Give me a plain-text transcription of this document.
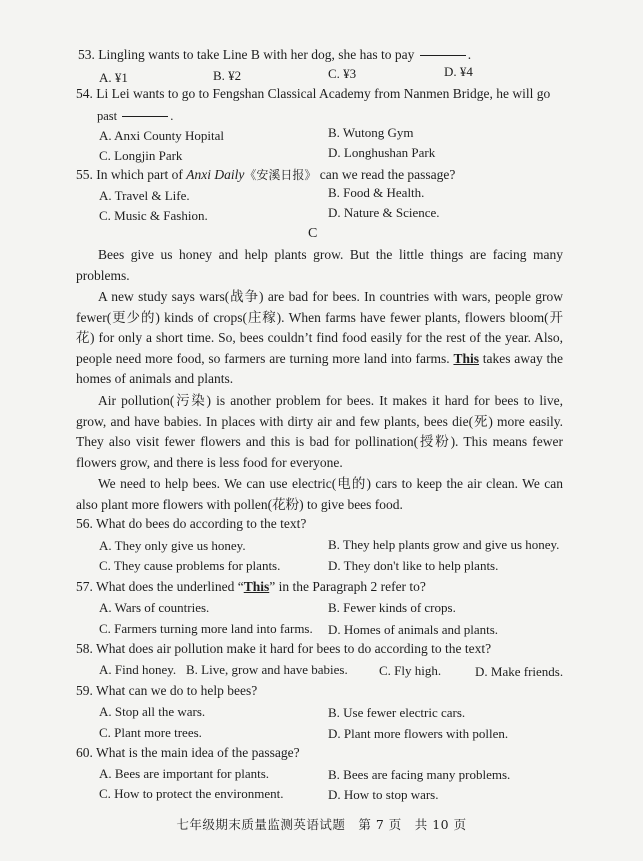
53. Lingling wants to take Line B with her dog, she has to pay	.
A. ¥1	B. ¥2	C. ¥3	D. ¥4
54. Li Lei wants to go to Fengshan Classical Academy from Nanmen Bridge, he will go
past	.
A. Anxi County Hopital	B. Wutong Gym
C. Longjin Park	D. Longhushan Park
55. In which part of Anxi Daily《安溪日报》 can we read the passage?
A. Travel & Life.	B. Food & Health.
C. Music & Fashion.	D. Nature & Science.
C
Bees give us honey and help plants grow. But the little things are facing many problems.
A new study says wars(战争) are bad for bees. In countries with wars, people grow fewer(更少的) kinds of crops(庄稼). When farms have fewer plants, flowers bloom(开花) for only a short time. So, bees couldn’t find food easily for the rest of the year. Also, people need more food, so farmers are turning more land into farms. This takes away the homes of animals and plants.
Air pollution(污染) is another problem for bees. It makes it hard for bees to live, grow, and have babies. In places with dirty air and few plants, bees die(死) more easily. They also visit fewer flowers and this is bad for pollination(授粉). This means fewer flowers grow, and there is less food for everyone.
We need to help bees. We can use electric(电的) cars to keep the air clean. We can also plant more flowers with pollen(花粉) to give bees food.
56. What do bees do according to the text?
A. They only give us honey.	B. They help plants grow and give us honey.
C. They cause problems for plants.	D. They don't like to help plants.
57. What does the underlined “This” in the Paragraph 2 refer to?
A. Wars of countries.	B. Fewer kinds of crops.
C. Farmers turning more land into farms. D. Homes of animals and plants.
58. What does air pollution make it hard for bees to do according to the text?
A. Find honey. B. Live, grow and have babies. C. Fly high.	D. Make friends.
59. What can we do to help bees?
A. Stop all the wars.	B. Use fewer electric cars.
C. Plant more trees.	D. Plant more flowers with pollen.
60. What is the main idea of the passage?
A. Bees are important for plants.	B. Bees are facing many problems.
C. How to protect the environment.	D. How to stop wars.
七年级期末质量监测英语试题　第 7 页　共 10 页
